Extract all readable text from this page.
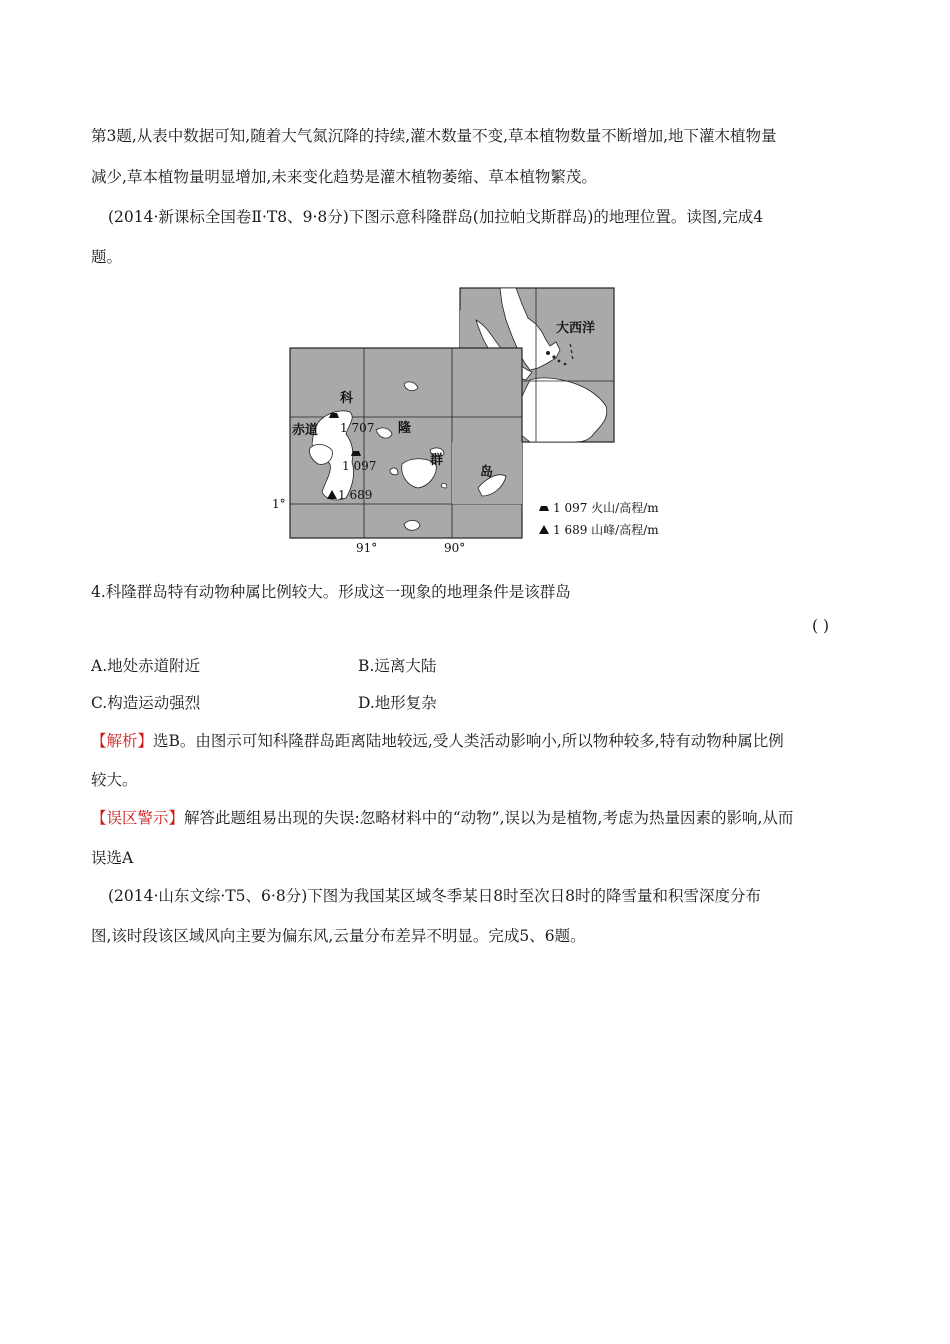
第3题,从表中数据可知,随着大气氮沉降的持续,灌木数量不变,草本植物数量不断增加,地下灌木植物量
减少,草本植物量明显增加,未来变化趋势是灌木植物萎缩、草本植物繁茂。
(2014·新课标全国卷Ⅱ·T8、9·8分)下图示意科隆群岛(加拉帕戈斯群岛)的地理位置。读图,完成4
题。
大西洋
科
隆
群
岛
赤道 1 707
1 097
1 689
1°
91°	90°
1 097 火山/高程/m
1 689 山峰/高程/m
4.科隆群岛特有动物种属比例较大。形成这一现象的地理条件是该群岛
( )
A.地处赤道附近	B.远离大陆
C.构造运动强烈	D.地形复杂
【解析】选B。由图示可知科隆群岛距离陆地较远,受人类活动影响小,所以物种较多,特有动物种属比例
较大。
【误区警示】解答此题组易出现的失误:忽略材料中的“动物”,误以为是植物,考虑为热量因素的影响,从而
误选A
(2014·山东文综·T5、6·8分)下图为我国某区域冬季某日8时至次日8时的降雪量和积雪深度分布
图,该时段该区域风向主要为偏东风,云量分布差异不明显。完成5、6题。
